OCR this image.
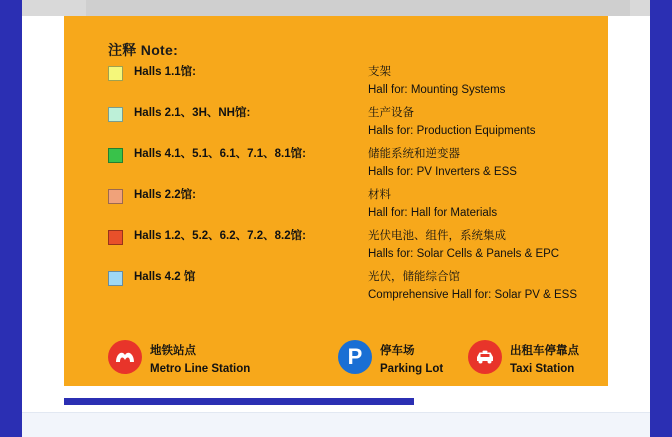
注释 Note:
Halls 1.1馆:	支架
Hall for: Mounting Systems
Halls 2.1、3H、NH馆:	生产设备
Halls for: Production Equipments
Halls 4.1、5.1、6.1、7.1、8.1馆:	储能系统和逆变器
Halls for: PV Inverters & ESS
Halls 2.2馆:	材料
Hall for: Hall for Materials
Halls 1.2、5.2、6.2、7.2、8.2馆:	光伏电池、组件，系统集成
Halls for: Solar Cells & Panels & EPC
Halls 4.2 馆	光伏，储能综合馆
Comprehensive Hall for: Solar PV & ESS
地铁站点
Metro Line Station	P 停车场
Parking Lot
出租车停靠点
Taxi Station
